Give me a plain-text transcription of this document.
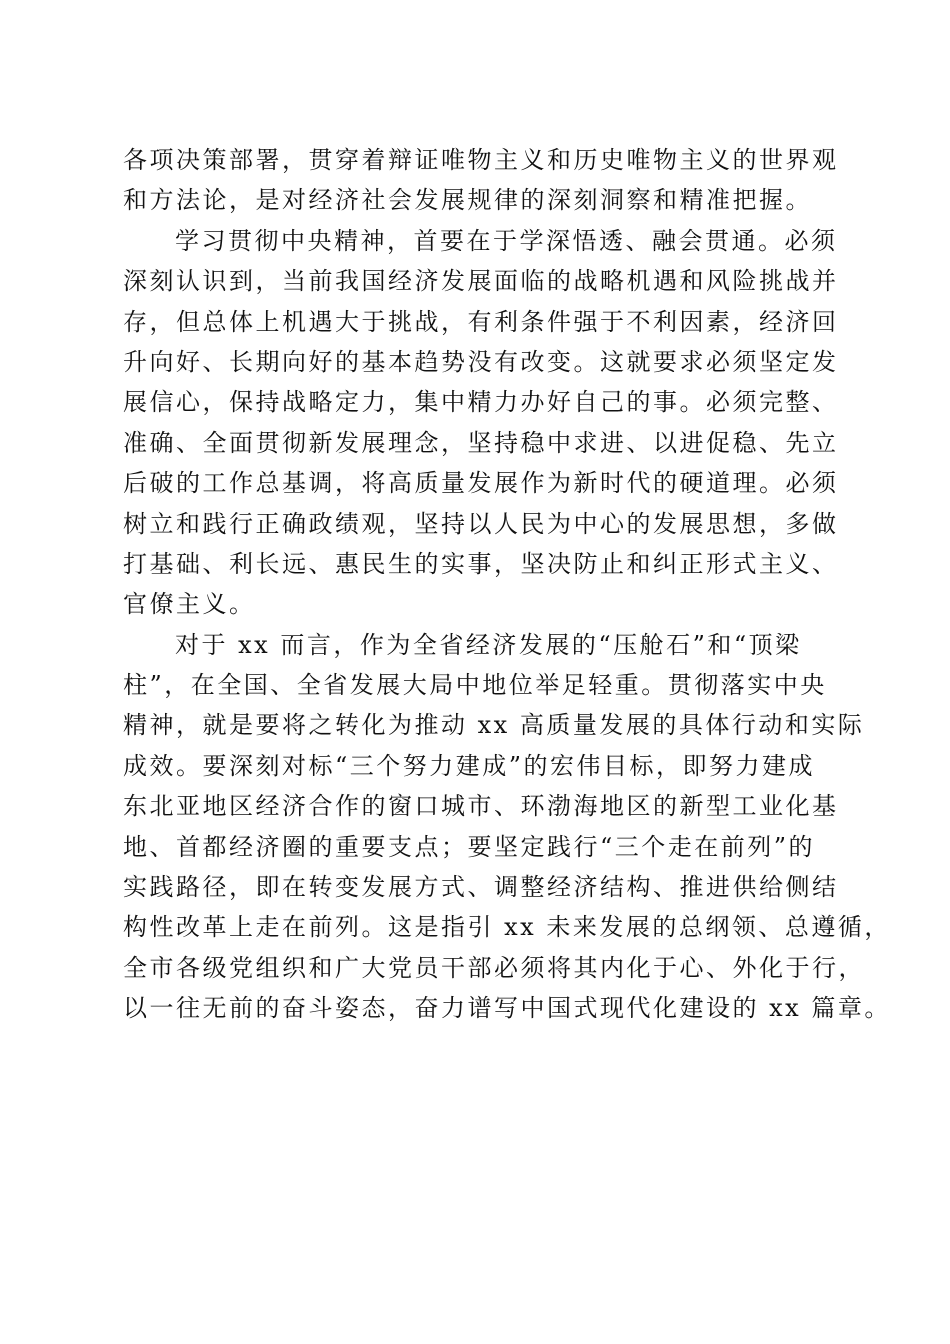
各项决策部署，贯穿着辩证唯物主义和历史唯物主义的世界观
和方法论，是对经济社会发展规律的深刻洞察和精准把握。
学习贯彻中央精神，首要在于学深悟透、融会贯通。必须
深刻认识到，当前我国经济发展面临的战略机遇和风险挑战并
存，但总体上机遇大于挑战，有利条件强于不利因素，经济回
升向好、长期向好的基本趋势没有改变。这就要求必须坚定发
展信心，保持战略定力，集中精力办好自己的事。必须完整、
准确、全面贯彻新发展理念，坚持稳中求进、以进促稳、先立
后破的工作总基调，将高质量发展作为新时代的硬道理。必须
树立和践行正确政绩观，坚持以人民为中心的发展思想，多做
打基础、利长远、惠民生的实事，坚决防止和纠正形式主义、
官僚主义。
对于 xx 而言，作为全省经济发展的“压舱石”和“顶梁
柱”，在全国、全省发展大局中地位举足轻重。贯彻落实中央
精神，就是要将之转化为推动 xx 高质量发展的具体行动和实际
成效。要深刻对标“三个努力建成”的宏伟目标，即努力建成
东北亚地区经济合作的窗口城市、环渤海地区的新型工业化基
地、首都经济圈的重要支点；要坚定践行“三个走在前列”的
实践路径，即在转变发展方式、调整经济结构、推进供给侧结
构性改革上走在前列。这是指引 xx 未来发展的总纲领、总遵循，
全市各级党组织和广大党员干部必须将其内化于心、外化于行，
以一往无前的奋斗姿态，奋力谱写中国式现代化建设的 xx 篇章。
